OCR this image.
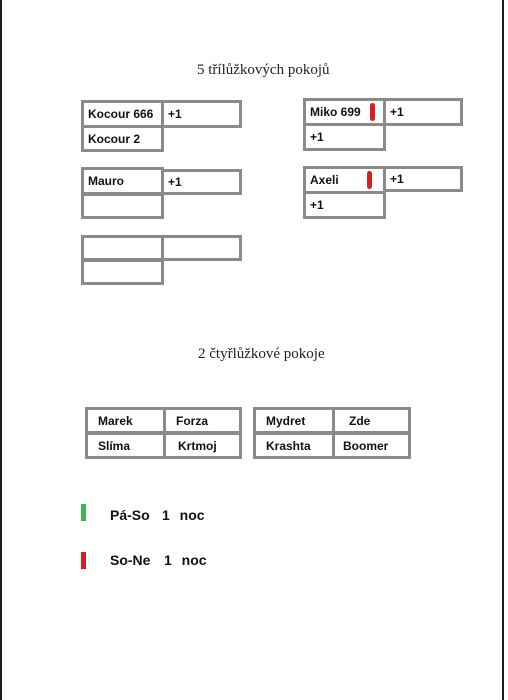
5 třílůžkových pokojů
Kocour 666	+1
Kocour 2
Miko 699	+1
+1
Mauro	+1	Axeli	+1
+1
2 čtyřlůžkové pokoje
Marek	Forza
Slíma	Krtmoj
Mydret	Zde
Krashta	Boomer
Pá-So 1 noc
So-Ne 1 noc
